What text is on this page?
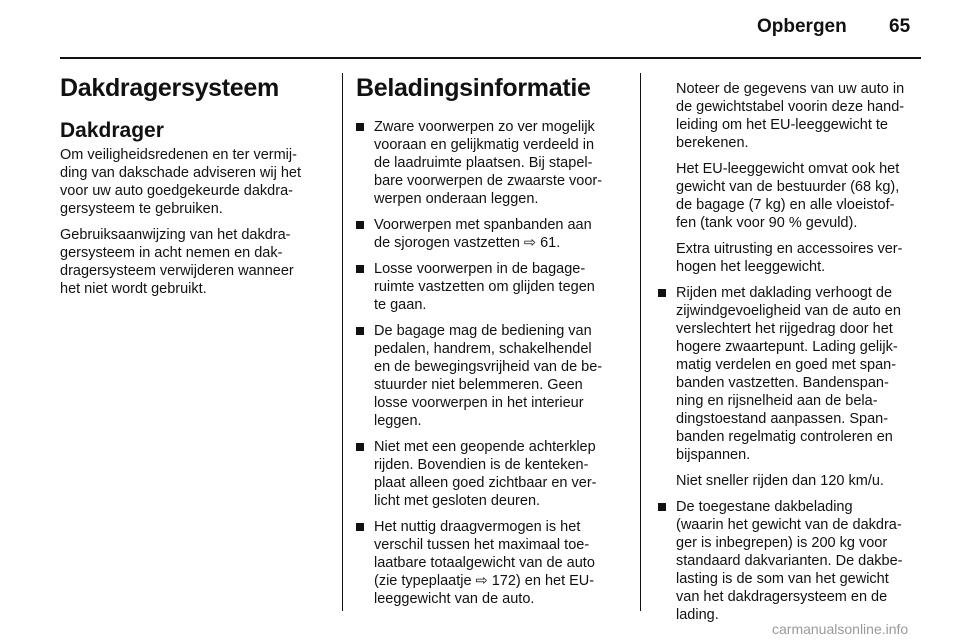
Opbergen 65
Dakdragersysteem
Dakdrager

Om veiligheidsredenen en ter vermij-
ding van dakschade adviseren wij het
voor uw auto goedgekeurde dakdra-
gersysteem te gebruiken.

Gebruiksaanwijzing van het dakdra-
gersysteem in acht nemen en dak-
dragersysteem verwijderen wanneer
het niet wordt gebruikt.

Beladingsinformatie
Zware voorwerpen zo ver mogelijk
vooraan en gelijkmatig verdeeld in
de laadruimte plaatsen. Bij stapel-
bare voorwerpen de zwaarste voor-
werpen onderaan leggen.
Voorwerpen met spanbanden aan
de sjorogen vastzetten ⇨ 61.
Losse voorwerpen in de bagage-
ruimte vastzetten om glijden tegen
te gaan.
De bagage mag de bediening van
pedalen, handrem, schakelhendel
en de bewegingsvrijheid van de be-
stuurder niet belemmeren. Geen
losse voorwerpen in het interieur
leggen.
Niet met een geopende achterklep
rijden. Bovendien is de kenteken-
plaat alleen goed zichtbaar en ver-
licht met gesloten deuren.
Het nuttig draagvermogen is het
verschil tussen het maximaal toe-
laatbare totaalgewicht van de auto
(zie typeplaatje ⇨ 172) en het EU-
leeggewicht van de auto.

Noteer de gegevens van uw auto in
de gewichtstabel voorin deze hand-
leiding om het EU-leeggewicht te
berekenen.

Het EU-leeggewicht omvat ook het
gewicht van de bestuurder (68 kg),
de bagage (7 kg) en alle vloeistof-
fen (tank voor 90 % gevuld).

Extra uitrusting en accessoires ver-
hogen het leeggewicht.

Rijden met daklading verhoogt de
zijwindgevoeligheid van de auto en
verslechtert het rijgedrag door het
hogere zwaartepunt. Lading gelijk-
matig verdelen en goed met span-
banden vastzetten. Bandenspan-
ning en rijsnelheid aan de bela-
dingstoestand aanpassen. Span-
banden regelmatig controleren en
bijspannen.
Niet sneller rijden dan 120 km/u.
De toegestane dakbelading
(waarin het gewicht van de dakdra-
ger is inbegrepen) is 200 kg voor
standaard dakvarianten. De dakbe-
lasting is de som van het gewicht
van het dakdragersysteem en de
lading.
carmanualsonline.info
